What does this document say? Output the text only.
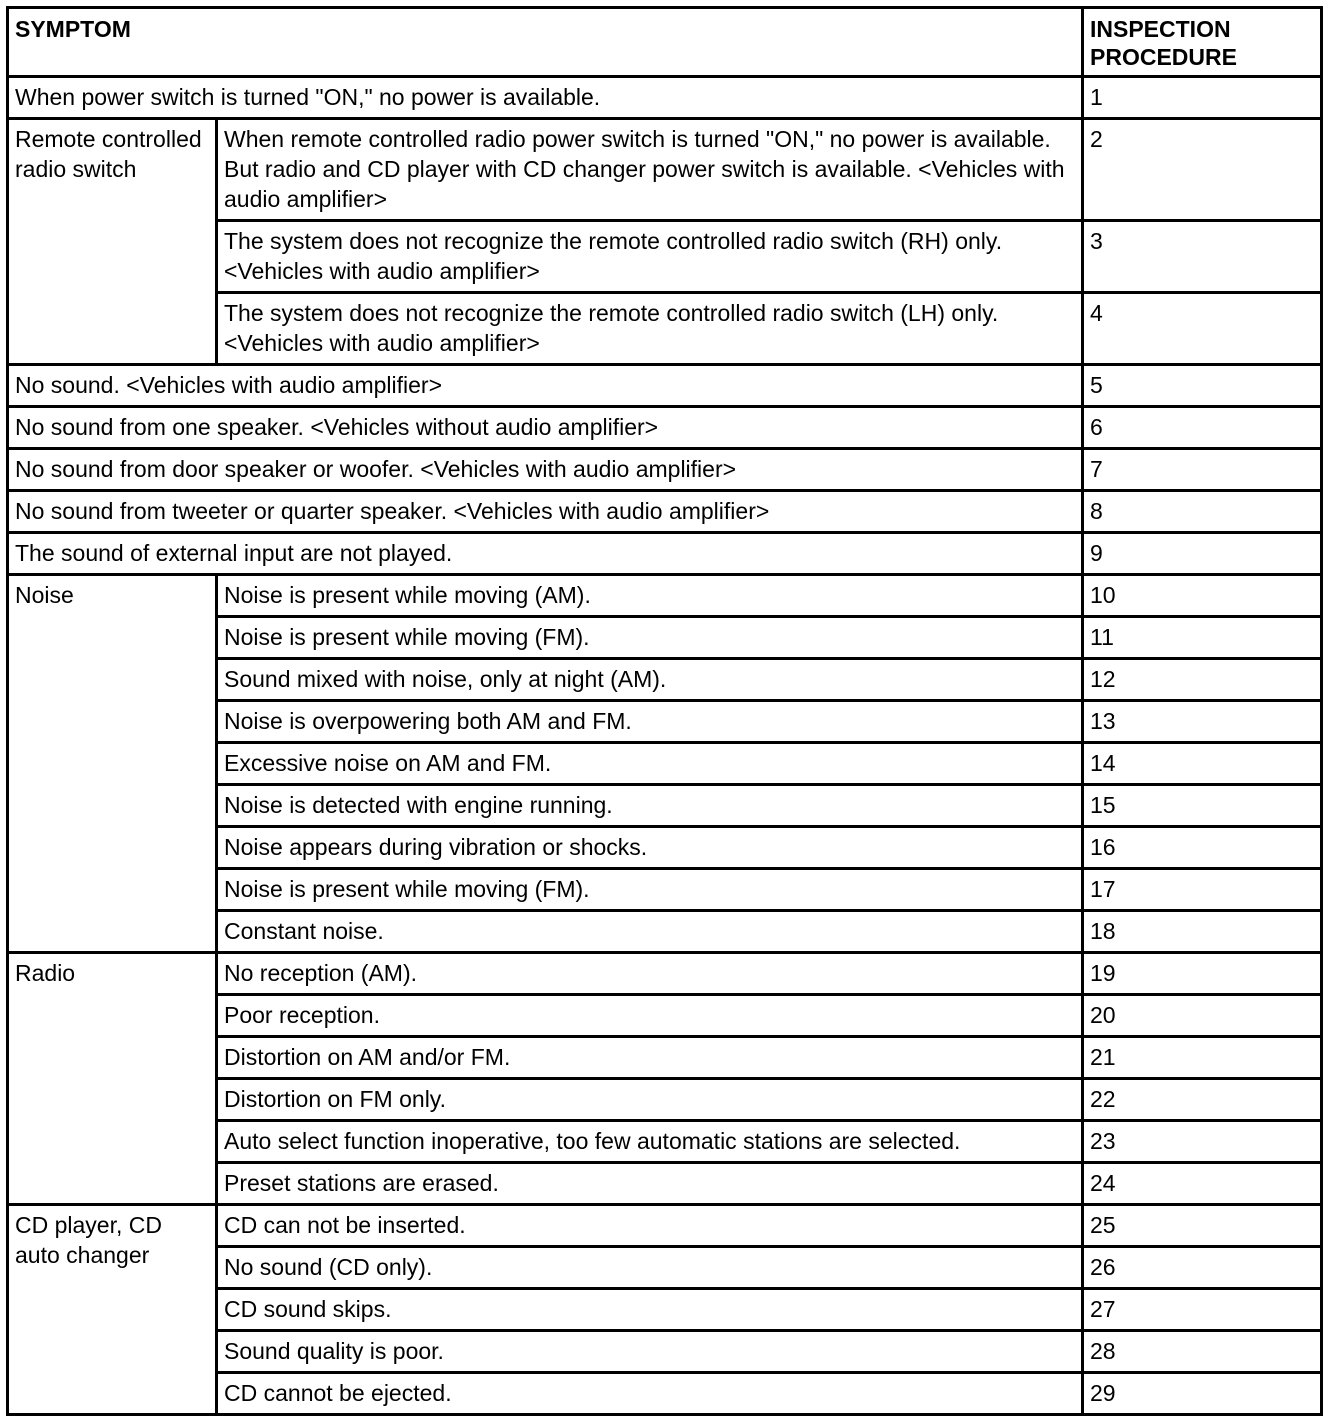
SYMPTOM		INSPECTION
PROCEDURE
When power switch is turned "ON," no power is available.		1
Remote controlled radio switch	When remote controlled radio power switch is turned "ON," no power is available. But radio and CD player with CD changer power switch is available. <Vehicles with audio amplifier>	2
	The system does not recognize the remote controlled radio switch (RH) only. <Vehicles with audio amplifier>	3
	The system does not recognize the remote controlled radio switch (LH) only. <Vehicles with audio amplifier>	4
No sound. <Vehicles with audio amplifier>		5
No sound from one speaker. <Vehicles without audio amplifier>		6
No sound from door speaker or woofer. <Vehicles with audio amplifier>		7
No sound from tweeter or quarter speaker. <Vehicles with audio amplifier>		8
The sound of external input are not played.		9
Noise	Noise is present while moving (AM).	10
	Noise is present while moving (FM).	11
	Sound mixed with noise, only at night (AM).	12
	Noise is overpowering both AM and FM.	13
	Excessive noise on AM and FM.	14
	Noise is detected with engine running.	15
	Noise appears during vibration or shocks.	16
	Noise is present while moving (FM).	17
	Constant noise.	18
Radio	No reception (AM).	19
	Poor reception.	20
	Distortion on AM and/or FM.	21
	Distortion on FM only.	22
	Auto select function inoperative, too few automatic stations are selected.	23
	Preset stations are erased.	24
CD player, CD auto changer	CD can not be inserted.	25
	No sound (CD only).	26
	CD sound skips.	27
	Sound quality is poor.	28
	CD cannot be ejected.	29
